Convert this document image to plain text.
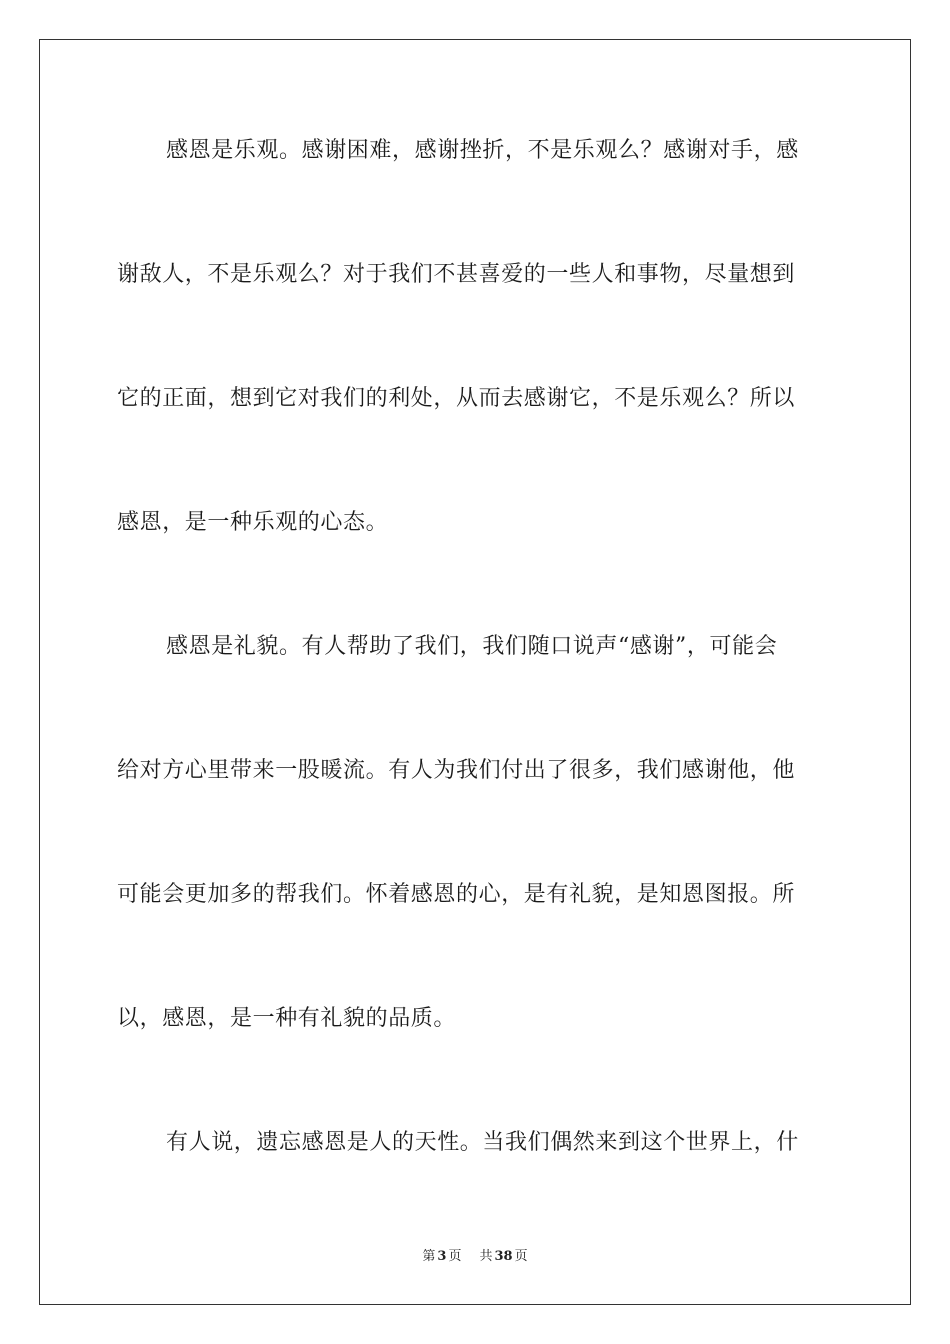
感恩是乐观。感谢困难，感谢挫折，不是乐观么？感谢对手，感
谢敌人，不是乐观么？对于我们不甚喜爱的一些人和事物，尽量想到
它的正面，想到它对我们的利处，从而去感谢它，不是乐观么？所以
感恩，是一种乐观的心态。
感恩是礼貌。有人帮助了我们，我们随口说声“感谢”，可能会
给对方心里带来一股暖流。有人为我们付出了很多，我们感谢他，他
可能会更加多的帮我们。怀着感恩的心，是有礼貌，是知恩图报。所
以，感恩，是一种有礼貌的品质。
有人说，遗忘感恩是人的天性。当我们偶然来到这个世界上，什
第 3 页 共 38 页
